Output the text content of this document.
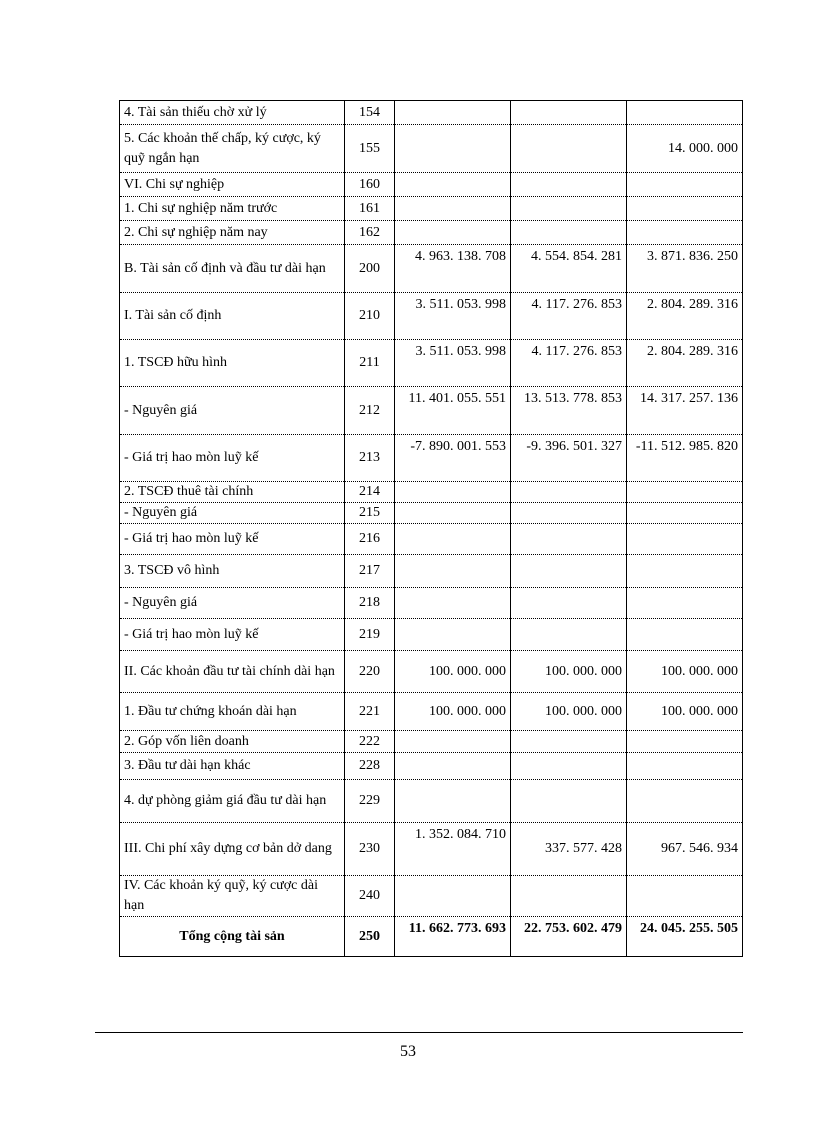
4. Tài sản thiếu chờ xử lý	154			
5. Các khoản thế chấp, ký cược, ký quỹ ngắn hạn	155			14. 000. 000
VI. Chi sự nghiệp	160			
1. Chi sự nghiệp năm trước	161			
2. Chi sự nghiệp năm nay	162			
B. Tài sản cố định và đầu tư dài hạn	200	4. 963. 138. 708	4. 554. 854. 281	3. 871. 836. 250
I. Tài sản cố định	210	3. 511. 053. 998	4. 117. 276. 853	2. 804. 289. 316
1. TSCĐ hữu hình	211	3. 511. 053. 998	4. 117. 276. 853	2. 804. 289. 316
- Nguyên giá	212	11. 401. 055. 551	13. 513. 778. 853	14. 317. 257. 136
- Giá trị hao mòn luỹ kế	213	-7. 890. 001. 553	-9. 396. 501. 327	-11. 512. 985. 820
2. TSCĐ thuê tài chính	214			
- Nguyên giá	215			
- Giá trị hao mòn luỹ kế	216			
3. TSCĐ vô hình	217			
- Nguyên giá	218			
- Giá trị hao mòn luỹ kế	219			
II. Các khoản đầu tư tài chính dài hạn	220	100. 000. 000	100. 000. 000	100. 000. 000
1. Đầu tư chứng khoán dài hạn	221	100. 000. 000	100. 000. 000	100. 000. 000
2. Góp vốn liên doanh	222			
3. Đầu tư dài hạn khác	228			
4. dự phòng giảm giá đầu tư dài hạn	229			
III. Chi phí xây dựng cơ bản dở dang	230	1. 352. 084. 710	337. 577. 428	967. 546. 934
IV. Các khoản ký quỹ, ký cược dài hạn	240			
Tổng cộng tài sản	250	11. 662. 773. 693	22. 753. 602. 479	24. 045. 255. 505
53
